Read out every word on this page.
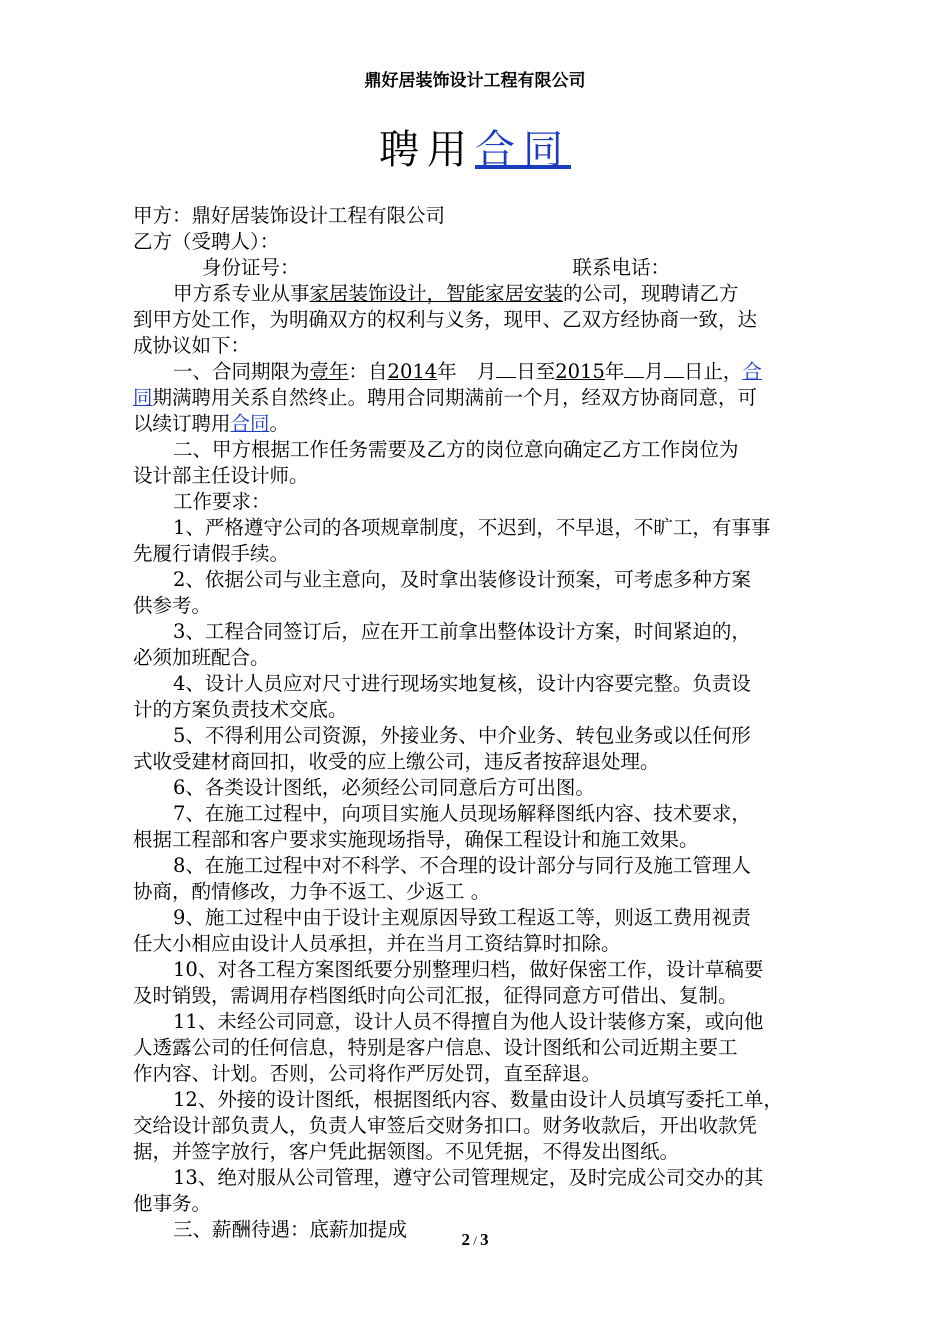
鼎好居装饰设计工程有限公司
聘用合同

甲方：鼎好居装饰设计工程有限公司

乙方（受聘人）：

身份证号：	联系电话：

甲方系专业从事家居装饰设计，智能家居安装的公司，现聘请乙方

到甲方处工作，为明确双方的权利与义务，现甲、乙双方经协商一致，达

成协议如下：

一、合同期限为壹年：自2014年 月 日至2015年 月 日止，合

同期满聘用关系自然终止。聘用合同期满前一个月，经双方协商同意，可

以续订聘用合同。

二、甲方根据工作任务需要及乙方的岗位意向确定乙方工作岗位为

设计部主任设计师。

工作要求：

1、严格遵守公司的各项规章制度，不迟到，不早退，不旷工，有事事

先履行请假手续。

2、依据公司与业主意向，及时拿出装修设计预案，可考虑多种方案

供参考。

3、工程合同签订后，应在开工前拿出整体设计方案，时间紧迫的，

必须加班配合。

4、设计人员应对尺寸进行现场实地复核，设计内容要完整。负责设

计的方案负责技术交底。

5、不得利用公司资源，外接业务、中介业务、转包业务或以任何形

式收受建材商回扣，收受的应上缴公司，违反者按辞退处理。

6、各类设计图纸，必须经公司同意后方可出图。

7、在施工过程中，向项目实施人员现场解释图纸内容、技术要求，

根据工程部和客户要求实施现场指导，确保工程设计和施工效果。

8、在施工过程中对不科学、不合理的设计部分与同行及施工管理人

协商，酌情修改，力争不返工、少返工 。

9、施工过程中由于设计主观原因导致工程返工等，则返工费用视责

任大小相应由设计人员承担，并在当月工资结算时扣除。

10、对各工程方案图纸要分别整理归档，做好保密工作，设计草稿要

及时销毁，需调用存档图纸时向公司汇报，征得同意方可借出、复制。

11、未经公司同意，设计人员不得擅自为他人设计装修方案，或向他

人透露公司的任何信息，特别是客户信息、设计图纸和公司近期主要工

作内容、计划。否则，公司将作严厉处罚，直至辞退。

12、外接的设计图纸，根据图纸内容、数量由设计人员填写委托工单，

交给设计部负责人，负责人审签后交财务扣口。财务收款后，开出收款凭

据，并签字放行，客户凭此据领图。不见凭据，不得发出图纸。

13、绝对服从公司管理，遵守公司管理规定，及时完成公司交办的其

他事务。

三、薪酬待遇：底薪加提成	2 / 3
